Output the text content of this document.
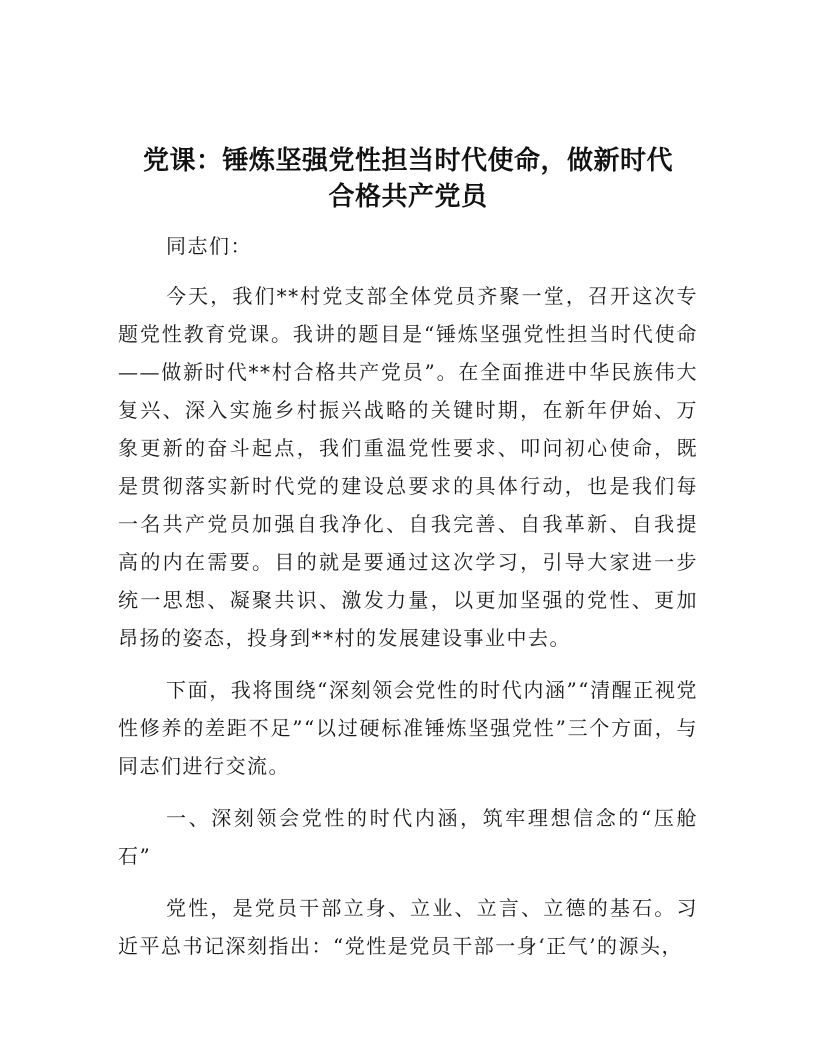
党课：锤炼坚强党性担当时代使命，做新时代
合格共产党员

同志们：

今天，我们**村党支部全体党员齐聚一堂，召开这次专题党性教育党课。我讲的题目是“锤炼坚强党性担当时代使命——做新时代**村合格共产党员”。在全面推进中华民族伟大复兴、深入实施乡村振兴战略的关键时期，在新年伊始、万象更新的奋斗起点，我们重温党性要求、叩问初心使命，既是贯彻落实新时代党的建设总要求的具体行动，也是我们每一名共产党员加强自我净化、自我完善、自我革新、自我提高的内在需要。目的就是要通过这次学习，引导大家进一步统一思想、凝聚共识、激发力量，以更加坚强的党性、更加昂扬的姿态，投身到**村的发展建设事业中去。

下面，我将围绕“深刻领会党性的时代内涵”“清醒正视党性修养的差距不足”“以过硬标准锤炼坚强党性”三个方面，与同志们进行交流。

一、深刻领会党性的时代内涵，筑牢理想信念的“压舱石”

党性，是党员干部立身、立业、立言、立德的基石。习近平总书记深刻指出：“党性是党员干部一身‘正气’的源头，
